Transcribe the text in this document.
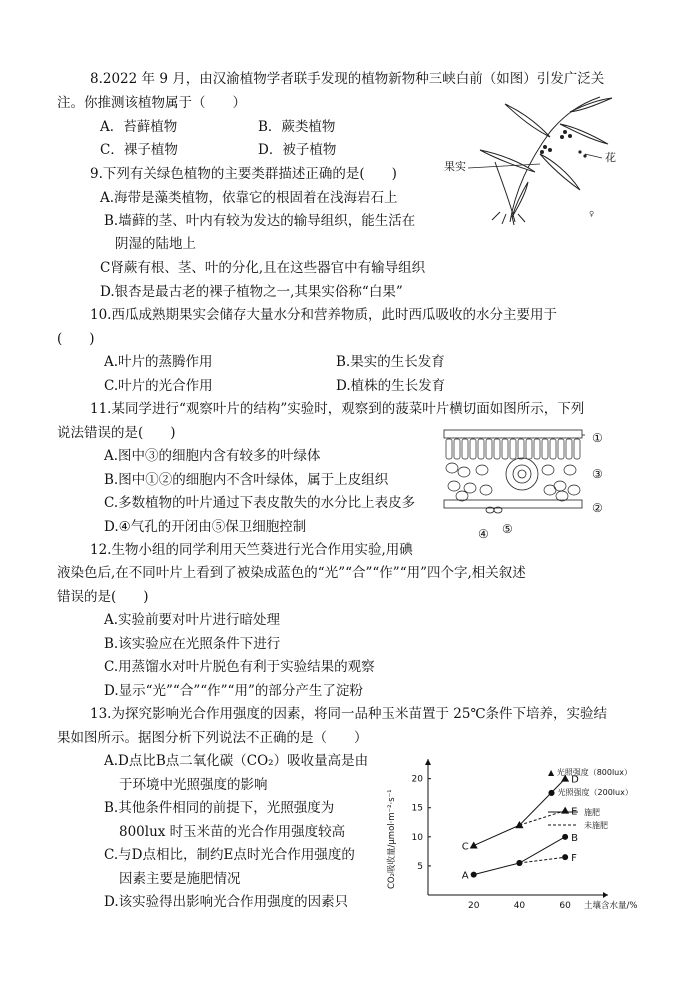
8.2022 年 9 月，由汉渝植物学者联手发现的植物新物种三峡白前（如图）引发广泛关
注。你推测该植物属于（　　）
A．苔藓植物	B．蕨类植物
C．裸子植物	D．被子植物
♀
果实
花
9.下列有关绿色植物的主要类群描述正确的是(　　)
A.海带是藻类植物，依靠它的根固着在浅海岩石上
B.墙藓的茎、叶内有较为发达的输导组织，能生活在
阴湿的陆地上
C肾蕨有根、茎、叶的分化,且在这些器官中有输导组织
D.银杏是最古老的裸子植物之一,其果实俗称“白果”
10.西瓜成熟期果实会储存大量水分和营养物质，此时西瓜吸收的水分主要用于
(　　)
A.叶片的蒸腾作用	B.果实的生长发育
C.叶片的光合作用	D.植株的生长发育
11.某同学进行“观察叶片的结构”实验时，观察到的菠菜叶片横切面如图所示，下列
说法错误的是(　　)
A.图中③的细胞内含有较多的叶绿体
B.图中①②的细胞内不含叶绿体，属于上皮组织
C.多数植物的叶片通过下表皮散失的水分比上表皮多
D.④气孔的开闭由⑤保卫细胞控制
①
③
②
④ ⑤
12.生物小组的同学利用天竺葵进行光合作用实验,用碘
液染色后,在不同叶片上看到了被染成蓝色的“光”“合”“作”“用”四个字,相关叙述
错误的是(　　)
A.实验前要对叶片进行暗处理
B.该实验应在光照条件下进行
C.用蒸馏水对叶片脱色有利于实验结果的观察
D.显示“光”“合”“作”“用”的部分产生了淀粉
13.为探究影响光合作用强度的因素，将同一品种玉米苗置于 25℃条件下培养，实验结
果如图所示。据图分析下列说法不正确的是（　　）
A.D点比B点二氧化碳（CO₂）吸收量高是由
于环境中光照强度的影响
B.其他条件相同的前提下，光照强度为
800lux 时玉米苗的光合作用强度较高
C.与D点相比，制约E点时光合作用强度的
因素主要是施肥情况
D.该实验得出影响光合作用强度的因素只
5
10
15
20
20	40	60 土壤含水量/%
CO₂吸收量/μmol·m⁻²·s⁻¹	C
D
E
A
B
F
▲ 光照强度（800lux）
● 光照强度（200lux）
施肥
未施肥
